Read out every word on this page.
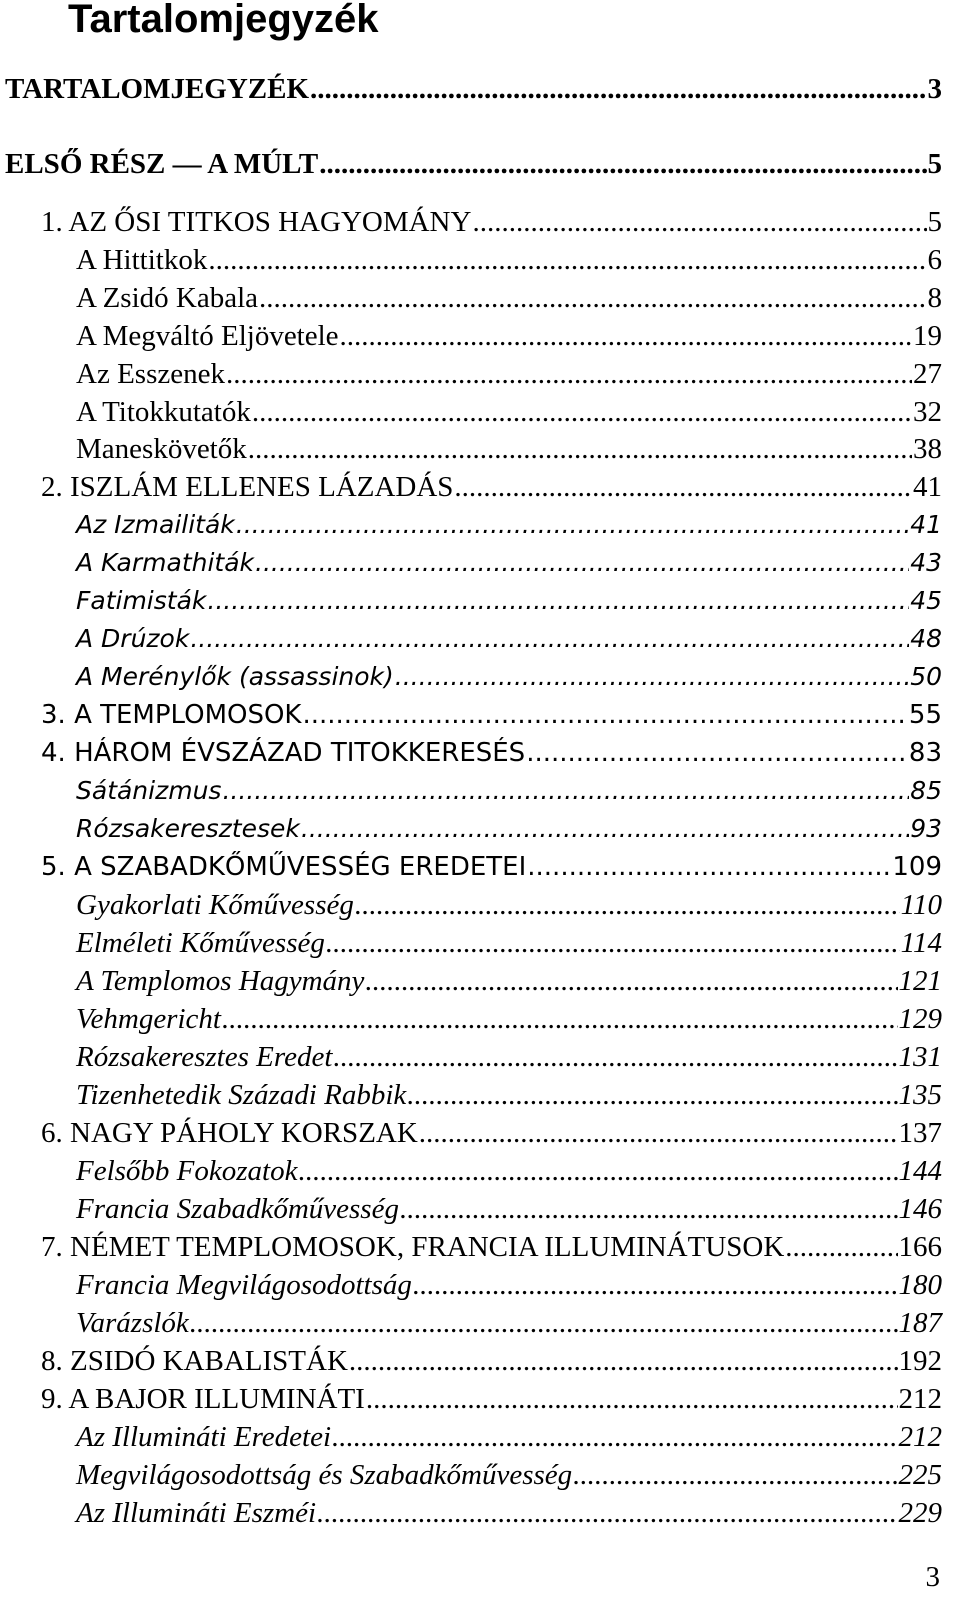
Tartalomjegyzék
TARTALOMJEGYZÉK .....	3
ELSŐ RÉSZ — A MÚLT .....	5
1. AZ ŐSI TITKOS HAGYOMÁNY .....	5
A Hittitkok .....	6
A Zsidó Kabala .....	8
A Megváltó Eljövetele .....	19
Az Esszenek .....	27
A Titokkutatók .....	32
Maneskövetők .....	38
2. ISZLÁM ELLENES LÁZADÁS .....	41
Az Izmailiták .....	41
A Karmathiták .....	43
Fatimisták .....	45
A Drúzok .....	48
A Merénylők (assassinok) .....	50
3. A TEMPLOMOSOK .....	55
4. HÁROM ÉVSZÁZAD TITOKKERESÉS .....	83
Sátánizmus .....	85
Rózsakeresztesek .....	93
5. A SZABADKŐMŰVESSÉG EREDETEI .....	109
Gyakorlati Kőművesség .....	110
Elméleti Kőművesség .....	114
A Templomos Hagymány .....	121
Vehmgericht .....	129
Rózsakeresztes Eredet .....	131
Tizenhetedik Századi Rabbik .....	135
6. NAGY PÁHOLY KORSZAK .....	137
Felsőbb Fokozatok .....	144
Francia Szabadkőművesség .....	146
7. NÉMET TEMPLOMOSOK, FRANCIA ILLUMINÁTUSOK .....	166
Francia Megvilágosodottság .....	180
Varázslók .....	187
8. ZSIDÓ KABALISTÁK .....	192
9. A BAJOR ILLUMINÁTI .....	212
Az Illumináti Eredetei .....	212
Megvilágosodottság és Szabadkőművesség .....	225
Az Illumináti Eszméi .....	229

3
